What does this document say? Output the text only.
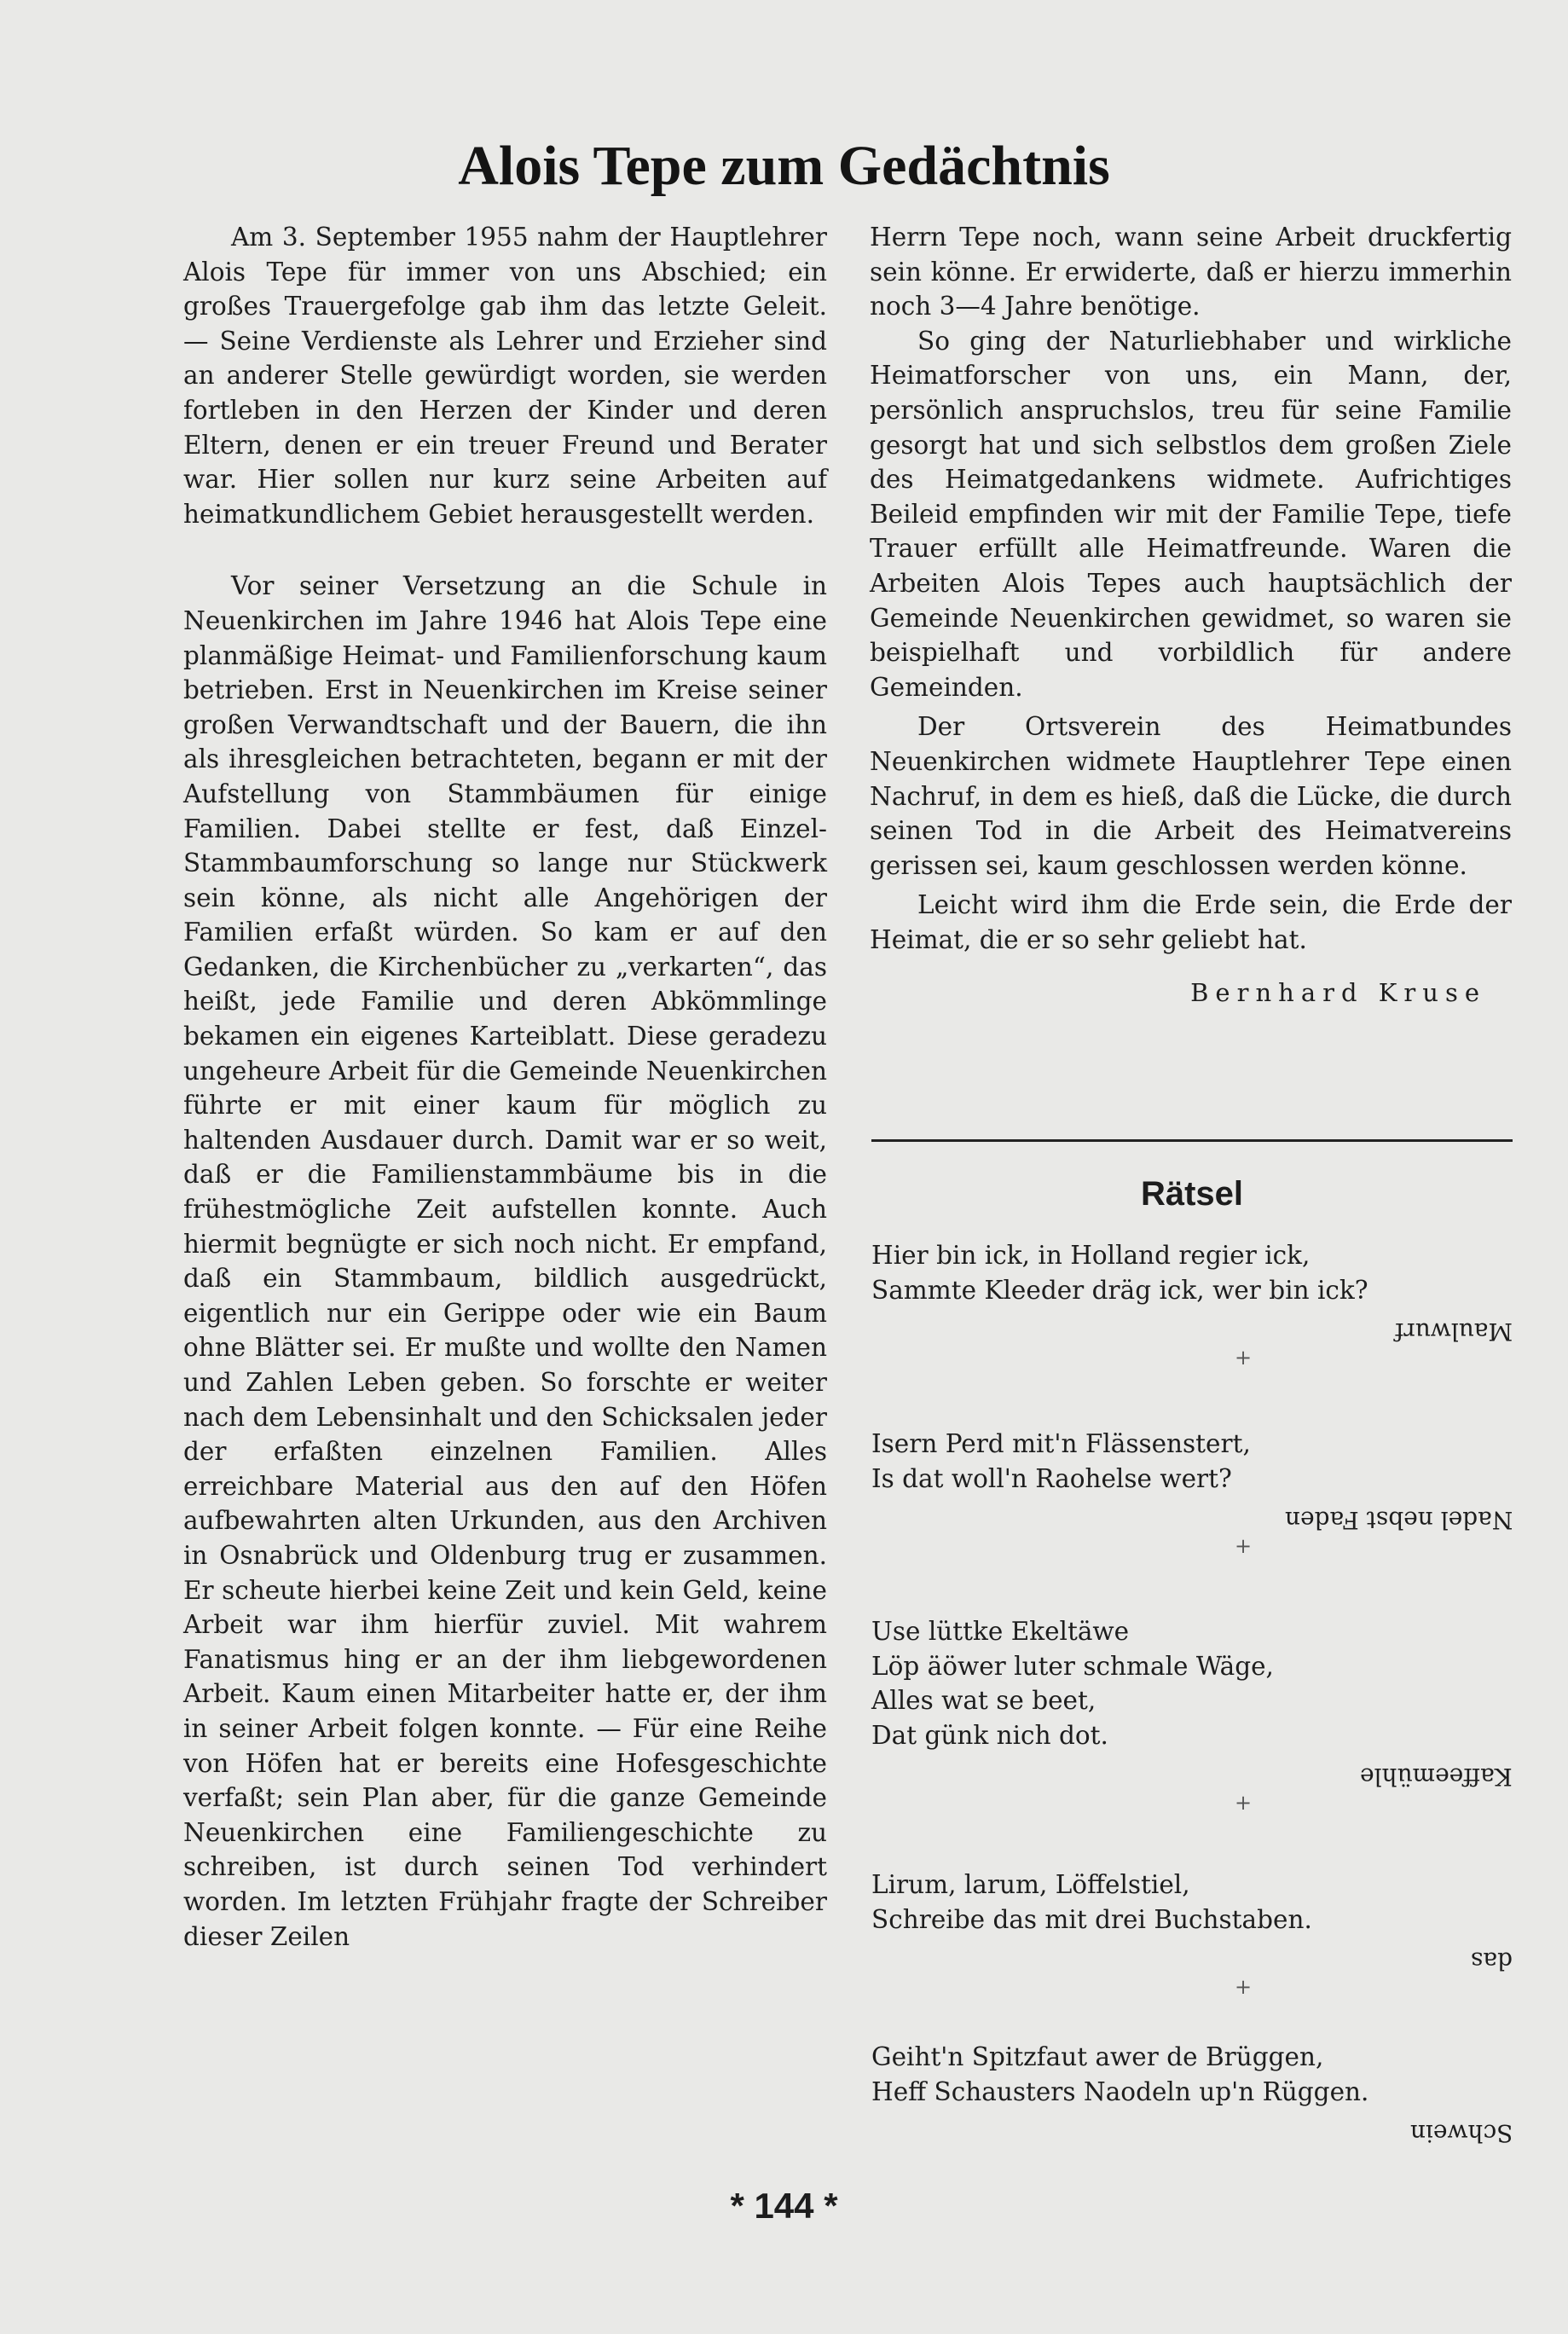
Alois Tepe zum Gedächtnis

Am 3. September 1955 nahm der Hauptlehrer Alois Tepe für immer von uns Abschied; ein großes Trauergefolge gab ihm das letzte Geleit. — Seine Verdienste als Lehrer und Erzieher sind an anderer Stelle gewürdigt worden, sie werden fortleben in den Herzen der Kinder und deren Eltern, denen er ein treuer Freund und Berater war. Hier sollen nur kurz seine Arbeiten auf heimatkundlichem Gebiet herausgestellt werden.

Vor seiner Versetzung an die Schule in Neuenkirchen im Jahre 1946 hat Alois Tepe eine planmäßige Heimat- und Familienforschung kaum betrieben. Erst in Neuenkirchen im Kreise seiner großen Verwandtschaft und der Bauern, die ihn als ihresgleichen betrachteten, begann er mit der Aufstellung von Stammbäumen für einige Familien. Dabei stellte er fest, daß Einzel-Stammbaumforschung so lange nur Stückwerk sein könne, als nicht alle Angehörigen der Familien erfaßt würden. So kam er auf den Gedanken, die Kirchenbücher zu „verkarten“, das heißt, jede Familie und deren Abkömmlinge bekamen ein eigenes Karteiblatt. Diese geradezu ungeheure Arbeit für die Gemeinde Neuenkirchen führte er mit einer kaum für möglich zu haltenden Ausdauer durch. Damit war er so weit, daß er die Familienstammbäume bis in die frühestmögliche Zeit aufstellen konnte. Auch hiermit begnügte er sich noch nicht. Er empfand, daß ein Stammbaum, bildlich ausgedrückt, eigentlich nur ein Gerippe oder wie ein Baum ohne Blätter sei. Er mußte und wollte den Namen und Zahlen Leben geben. So forschte er weiter nach dem Lebensinhalt und den Schicksalen jeder der erfaßten einzelnen Familien. Alles erreichbare Material aus den auf den Höfen aufbewahrten alten Urkunden, aus den Archiven in Osnabrück und Oldenburg trug er zusammen. Er scheute hierbei keine Zeit und kein Geld, keine Arbeit war ihm hierfür zuviel. Mit wahrem Fanatismus hing er an der ihm liebgewordenen Arbeit. Kaum einen Mitarbeiter hatte er, der ihm in seiner Arbeit folgen konnte. — Für eine Reihe von Höfen hat er bereits eine Hofesgeschichte verfaßt; sein Plan aber, für die ganze Gemeinde Neuenkirchen eine Familiengeschichte zu schreiben, ist durch seinen Tod verhindert worden. Im letzten Frühjahr fragte der Schreiber dieser Zeilen

Herrn Tepe noch, wann seine Arbeit druckfertig sein könne. Er erwiderte, daß er hierzu immerhin noch 3—4 Jahre benötige.

So ging der Naturliebhaber und wirkliche Heimatforscher von uns, ein Mann, der, persönlich anspruchslos, treu für seine Familie gesorgt hat und sich selbstlos dem großen Ziele des Heimatgedankens widmete. Aufrichtiges Beileid empfinden wir mit der Familie Tepe, tiefe Trauer erfüllt alle Heimatfreunde. Waren die Arbeiten Alois Tepes auch hauptsächlich der Gemeinde Neuenkirchen gewidmet, so waren sie beispielhaft und vorbildlich für andere Gemeinden.

Der Ortsverein des Heimatbundes Neuenkirchen widmete Hauptlehrer Tepe einen Nachruf, in dem es hieß, daß die Lücke, die durch seinen Tod in die Arbeit des Heimatvereins gerissen sei, kaum geschlossen werden könne.

Leicht wird ihm die Erde sein, die Erde der Heimat, die er so sehr geliebt hat.

Bernhard Kruse
Rätsel
Hier bin ick, in Holland regier ick,
Sammte Kleeder dräg ick, wer bin ick?
Maulwurf
+
Isern Perd mit'n Flässenstert,
Is dat woll'n Raohelse wert?
Nadel nebst Faden
+
Use lüttke Ekeltäwe
Löp äöwer luter schmale Wäge,
Alles wat se beet,
Dat günk nich dot.
Kaffeemühle
+
Lirum, larum, Löffelstiel,
Schreibe das mit drei Buchstaben.
das
+
Geiht'n Spitzfaut awer de Brüggen,
Heff Schausters Naodeln up'n Rüggen.
Schwein
* 144 *
